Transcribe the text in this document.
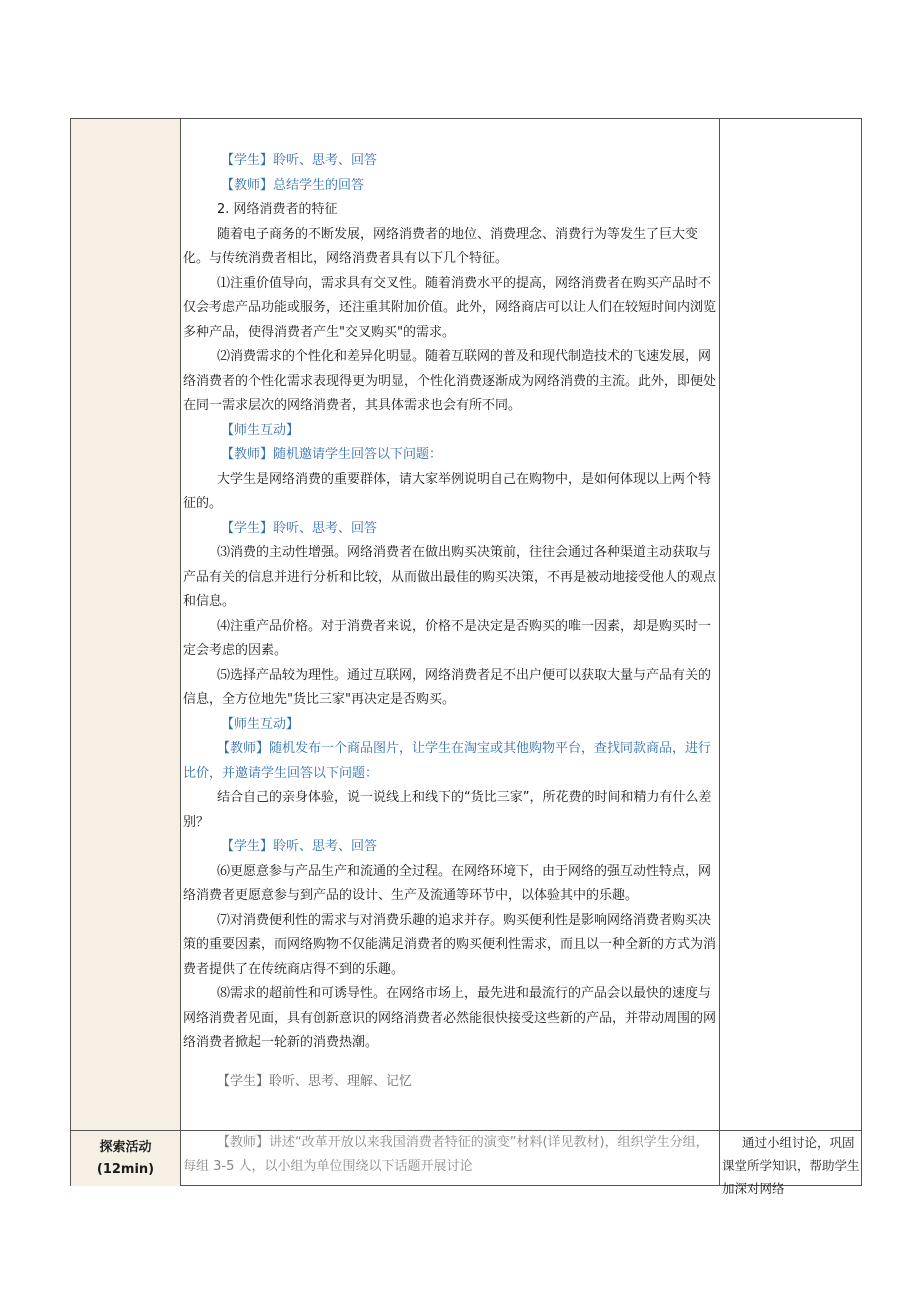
【学生】聆听、思考、回答
【教师】总结学生的回答
2. 网络消费者的特征
随着电子商务的不断发展，网络消费者的地位、消费理念、消费行为等发生了巨大变化。与传统消费者相比，网络消费者具有以下几个特征。
⑴注重价值导向，需求具有交叉性。随着消费水平的提高，网络消费者在购买产品时不仅会考虑产品功能或服务，还注重其附加价值。此外，网络商店可以让人们在较短时间内浏览多种产品，使得消费者产生"交叉购买"的需求。
⑵消费需求的个性化和差异化明显。随着互联网的普及和现代制造技术的飞速发展，网络消费者的个性化需求表现得更为明显，个性化消费逐渐成为网络消费的主流。此外，即便处在同一需求层次的网络消费者，其具体需求也会有所不同。
【师生互动】
【教师】随机邀请学生回答以下问题：
大学生是网络消费的重要群体，请大家举例说明自己在购物中，是如何体现以上两个特征的。
【学生】聆听、思考、回答
⑶消费的主动性增强。网络消费者在做出购买决策前，往往会通过各种渠道主动获取与产品有关的信息并进行分析和比较，从而做出最佳的购买决策，不再是被动地接受他人的观点和信息。
⑷注重产品价格。对于消费者来说，价格不是决定是否购买的唯一因素，却是购买时一定会考虑的因素。
⑸选择产品较为理性。通过互联网，网络消费者足不出户便可以获取大量与产品有关的信息，全方位地先"货比三家"再决定是否购买。
【师生互动】
【教师】随机发布一个商品图片，让学生在淘宝或其他购物平台，查找同款商品，进行比价，并邀请学生回答以下问题：
结合自己的亲身体验，说一说线上和线下的“货比三家”，所花费的时间和精力有什么差别？
【学生】聆听、思考、回答
⑹更愿意参与产品生产和流通的全过程。在网络环境下，由于网络的强互动性特点，网络消费者更愿意参与到产品的设计、生产及流通等环节中，以体验其中的乐趣。
⑺对消费便利性的需求与对消费乐趣的追求并存。购买便利性是影响网络消费者购买决策的重要因素，而网络购物不仅能满足消费者的购买便利性需求，而且以一种全新的方式为消费者提供了在传统商店得不到的乐趣。
⑻需求的超前性和可诱导性。在网络市场上，最先进和最流行的产品会以最快的速度与网络消费者见面，具有创新意识的网络消费者必然能很快接受这些新的产品，并带动周围的网络消费者掀起一轮新的消费热潮。
【学生】聆听、思考、理解、记忆
探索活动
(12min)
【教师】讲述“改革开放以来我国消费者特征的演变”材料(详见教材)，组织学生分组，每组 3-5 人，以小组为单位围绕以下话题开展讨论
通过小组讨论，巩固课堂所学知识，帮助学生加深对网络
